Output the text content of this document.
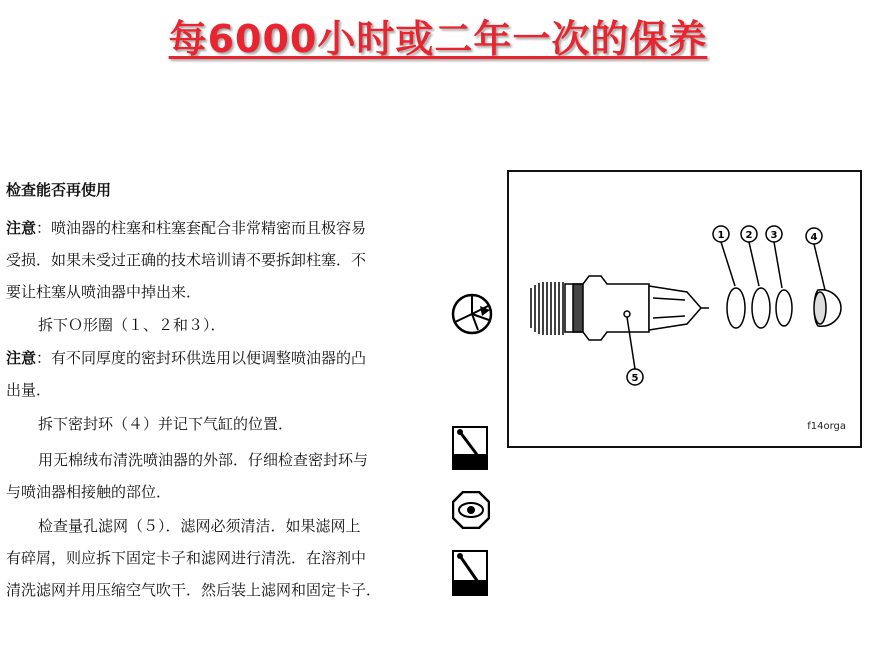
每6000小时或二年一次的保养
检查能否再使用
注意：喷油器的柱塞和柱塞套配合非常精密而且极容易
受损．如果未受过正确的技术培训请不要拆卸柱塞．不
要让柱塞从喷油器中掉出来．
拆下Ｏ形圈（１、２和３）．
注意：有不同厚度的密封环供选用以便调整喷油器的凸
出量．
拆下密封环（４）并记下气缸的位置．
用无棉绒布清洗喷油器的外部．仔细检查密封环与
与喷油器相接触的部位．
检查量孔滤网（５）．滤网必须清洁．如果滤网上
有碎屑，则应拆下固定卡子和滤网进行清洗．在溶剂中
清洗滤网并用压缩空气吹干．然后装上滤网和固定卡子．
1 2 3	4
5
f14orga
